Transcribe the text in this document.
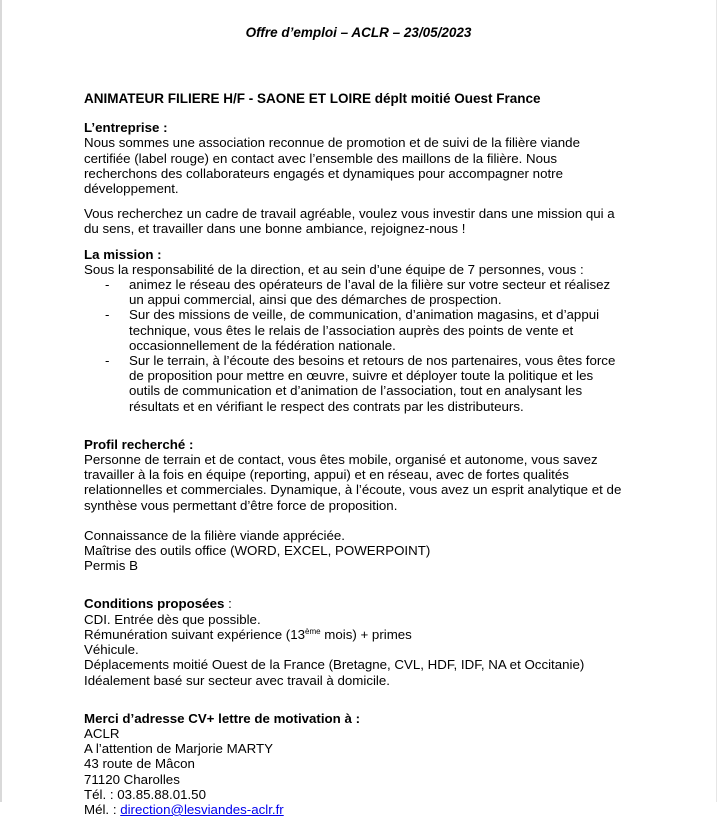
Offre d’emploi – ACLR – 23/05/2023
ANIMATEUR FILIERE H/F - SAONE ET LOIRE déplt moitié Ouest France
L’entreprise :

Nous sommes une association reconnue de promotion et de suivi de la filière viande certifiée (label rouge) en contact avec l’ensemble des maillons de la filière. Nous recherchons des collaborateurs engagés et dynamiques pour accompagner notre développement.

Vous recherchez un cadre de travail agréable, voulez vous investir dans une mission qui a du sens, et travailler dans une bonne ambiance, rejoignez-nous !

La mission :

Sous la responsabilité de la direction, et au sein d’une équipe de 7 personnes, vous :

- animez le réseau des opérateurs de l’aval de la filière sur votre secteur et réalisez un appui commercial, ainsi que des démarches de prospection.
- Sur des missions de veille, de communication, d’animation magasins, et d’appui technique, vous êtes le relais de l’association auprès des points de vente et occasionnellement de la fédération nationale.
- Sur le terrain, à l’écoute des besoins et retours de nos partenaires, vous êtes force de proposition pour mettre en œuvre, suivre et déployer toute la politique et les outils de communication et d’animation de l’association, tout en analysant les résultats et en vérifiant le respect des contrats par les distributeurs.
Profil recherché :

Personne de terrain et de contact, vous êtes mobile, organisé et autonome, vous savez travailler à la fois en équipe (reporting, appui) et en réseau, avec de fortes qualités relationnelles et commerciales. Dynamique, à l’écoute, vous avez un esprit analytique et de synthèse vous permettant d’être force de proposition.

Connaissance de la filière viande appréciée.

Maîtrise des outils office (WORD, EXCEL, POWERPOINT)

Permis B

Conditions proposées :

CDI. Entrée dès que possible.

Rémunération suivant expérience (13ème mois) + primes

Véhicule.

Déplacements moitié Ouest de la France (Bretagne, CVL, HDF, IDF, NA et Occitanie)

Idéalement basé sur secteur avec travail à domicile.

Merci d’adresse CV+ lettre de motivation à :

ACLR

A l’attention de Marjorie MARTY

43 route de Mâcon

71120 Charolles

Tél. : 03.85.88.01.50

Mél. : direction@lesviandes-aclr.fr
